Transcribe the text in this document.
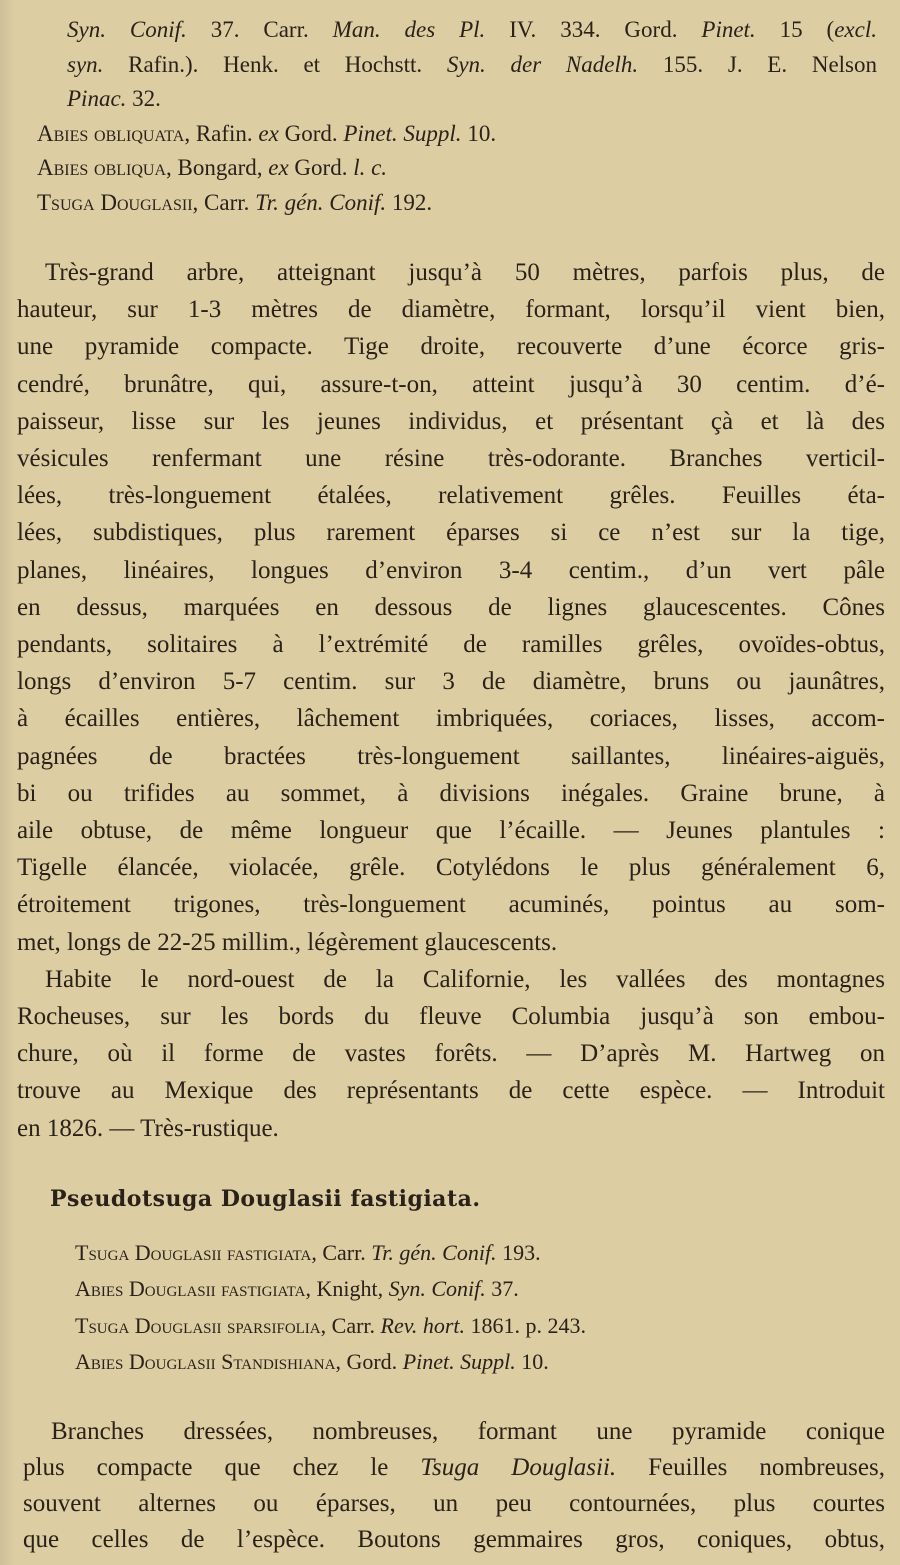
Syn. Conif. 37. Carr. Man. des Pl. IV. 334. Gord. Pinet. 15 (excl.
syn. Rafin.). Henk. et Hochstt. Syn. der Nadelh. 155. J. E. Nelson
Pinac. 32.
Abies obliquata, Rafin. ex Gord. Pinet. Suppl. 10.
Abies obliqua, Bongard, ex Gord. l. c.
Tsuga Douglasii, Carr. Tr. gén. Conif. 192.
Très-grand arbre, atteignant jusqu’à 50 mètres, parfois plus, de
hauteur, sur 1-3 mètres de diamètre, formant, lorsqu’il vient bien,
une pyramide compacte. Tige droite, recouverte d’une écorce gris-
cendré, brunâtre, qui, assure-t-on, atteint jusqu’à 30 centim. d’é-
paisseur, lisse sur les jeunes individus, et présentant çà et là des
vésicules renfermant une résine très-odorante. Branches verticil-
lées, très-longuement étalées, relativement grêles. Feuilles éta-
lées, subdistiques, plus rarement éparses si ce n’est sur la tige,
planes, linéaires, longues d’environ 3-4 centim., d’un vert pâle
en dessus, marquées en dessous de lignes glaucescentes. Cônes
pendants, solitaires à l’extrémité de ramilles grêles, ovoïdes-obtus,
longs d’environ 5-7 centim. sur 3 de diamètre, bruns ou jaunâtres,
à écailles entières, lâchement imbriquées, coriaces, lisses, accom-
pagnées de bractées très-longuement saillantes, linéaires-aiguës,
bi ou trifides au sommet, à divisions inégales. Graine brune, à
aile obtuse, de même longueur que l’écaille. — Jeunes plantules :
Tigelle élancée, violacée, grêle. Cotylédons le plus généralement 6,
étroitement trigones, très-longuement acuminés, pointus au som-
met, longs de 22-25 millim., légèrement glaucescents.
Habite le nord-ouest de la Californie, les vallées des montagnes
Rocheuses, sur les bords du fleuve Columbia jusqu’à son embou-
chure, où il forme de vastes forêts. — D’après M. Hartweg on
trouve au Mexique des représentants de cette espèce. — Introduit
en 1826. — Très-rustique.
Pseudotsuga Douglasii fastigiata.
Tsuga Douglasii fastigiata, Carr. Tr. gén. Conif. 193.
Abies Douglasii fastigiata, Knight, Syn. Conif. 37.
Tsuga Douglasii sparsifolia, Carr. Rev. hort. 1861. p. 243.
Abies Douglasii Standishiana, Gord. Pinet. Suppl. 10.
Branches dressées, nombreuses, formant une pyramide conique
plus compacte que chez le Tsuga Douglasii. Feuilles nombreuses,
souvent alternes ou éparses, un peu contournées, plus courtes
que celles de l’espèce. Boutons gemmaires gros, coniques, obtus,
